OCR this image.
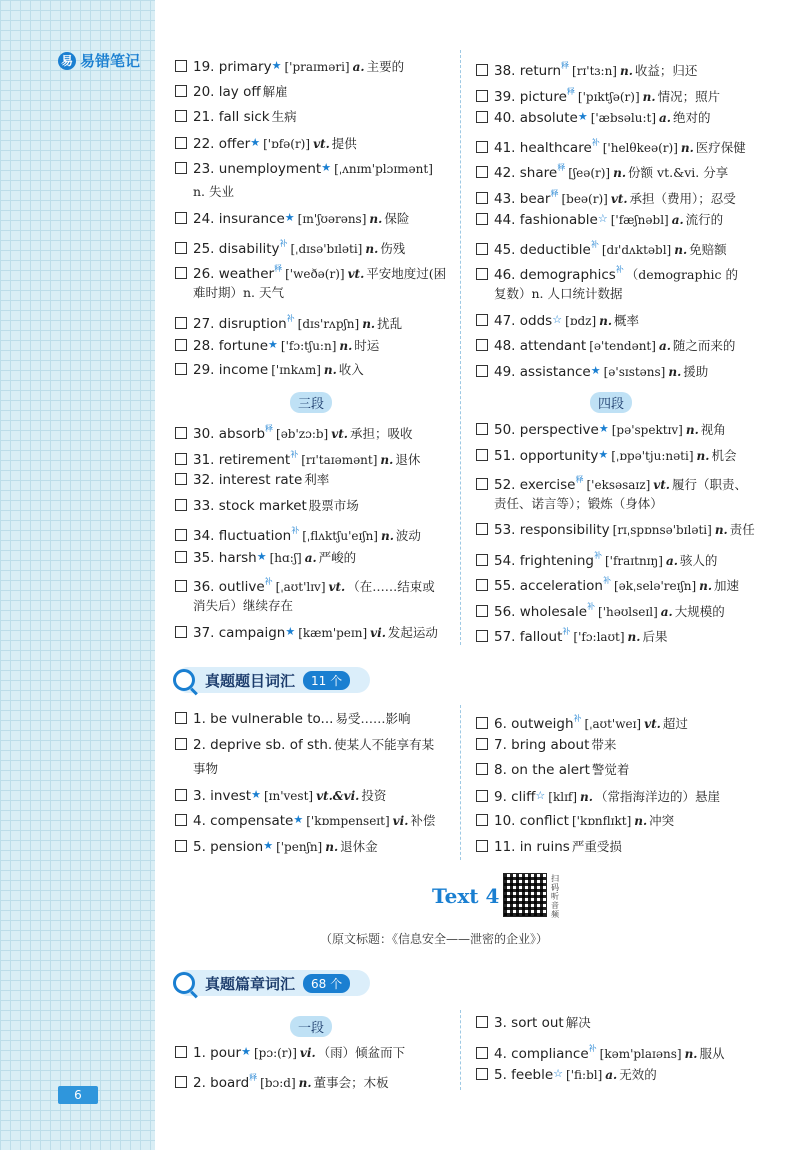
易 易错笔记
6
19. primary★ ['praɪməri] a. 主要的
20. lay off 解雇
21. fall sick 生病
22. offer★ ['ɒfə(r)] vt. 提供
23. unemployment★ [ˌʌnɪm'plɔɪmənt]
n. 失业
24. insurance★ [ɪn'ʃʊərəns] n. 保险
25. disability$^补$ [ˌdɪsə'bɪləti] n. 伤残
26. weather$^释$ ['weðə(r)] vt. 平安地度过(困
难时期）n. 天气
27. disruption$^补$ [dɪs'rʌpʃn] n. 扰乱
28. fortune★ ['fɔ:tʃu:n] n. 时运
29. income ['ɪnkʌm] n. 收入
三段
30. absorb$^释$ [əb'zɔ:b] vt. 承担；吸收
31. retirement$^补$ [rɪ'taɪəmənt] n. 退休
32. interest rate 利率
33. stock market 股票市场
34. fluctuation$^补$ [ˌflʌktʃu'eɪʃn] n. 波动
35. harsh★ [hɑ:ʃ] a. 严峻的
36. outlive$^补$ [ˌaʊt'lɪv] vt. （在……结束或
消失后）继续存在
37. campaign★ [kæm'peɪn] vi. 发起运动
38. return$^释$ [rɪ'tɜ:n] n. 收益；归还
39. picture$^释$ ['pɪktʃə(r)] n. 情况；照片
40. absolute★ ['æbsəlu:t] a. 绝对的
41. healthcare$^补$ ['helθkeə(r)] n. 医疗保健
42. share$^释$ [ʃeə(r)] n. 份额 vt.&vi. 分享
43. bear$^释$ [beə(r)] vt. 承担（费用）；忍受
44. fashionable☆ ['fæʃnəbl] a. 流行的
45. deductible$^补$ [dɪ'dʌktəbl] n. 免赔额
46. demographics$^补$ （demographic 的
复数）n. 人口统计数据
47. odds☆ [ɒdz] n. 概率
48. attendant [ə'tendənt] a. 随之而来的
49. assistance★ [ə'sɪstəns] n. 援助
四段
50. perspective★ [pə'spektɪv] n. 视角
51. opportunity★ [ˌɒpə'tju:nəti] n. 机会
52. exercise$^释$ ['eksəsaɪz] vt. 履行（职责、
责任、诺言等）；锻炼（身体）
53. responsibility [rɪˌspɒnsə'bɪləti] n. 责任
54. frightening$^补$ ['fraɪtnɪŋ] a. 骇人的
55. acceleration$^补$ [əkˌselə'reɪʃn] n. 加速
56. wholesale$^补$ ['həʊlseɪl] a. 大规模的
57. fallout$^补$ ['fɔ:laʊt] n. 后果
真题题目词汇	11 个
1. be vulnerable to... 易受……影响
2. deprive sb. of sth. 使某人不能享有某
事物
3. invest★ [ɪn'vest] vt.&vi. 投资
4. compensate★ ['kɒmpenseɪt] vi. 补偿
5. pension★ ['penʃn] n. 退休金
6. outweigh$^补$ [ˌaʊt'weɪ] vt. 超过
7. bring about 带来
8. on the alert 警觉着
9. cliff☆ [klɪf] n. （常指海洋边的）悬崖
10. conflict ['kɒnflɪkt] n. 冲突
11. in ruins 严重受损
Text 4
扫码听音频
（原文标题：《信息安全——泄密的企业》）
真题篇章词汇	68 个
一段
1. pour★ [pɔ:(r)] vi. （雨）倾盆而下
2. board$^释$ [bɔ:d] n. 董事会；木板
3. sort out 解决
4. compliance$^补$ [kəm'plaɪəns] n. 服从
5. feeble☆ ['fi:bl] a. 无效的
